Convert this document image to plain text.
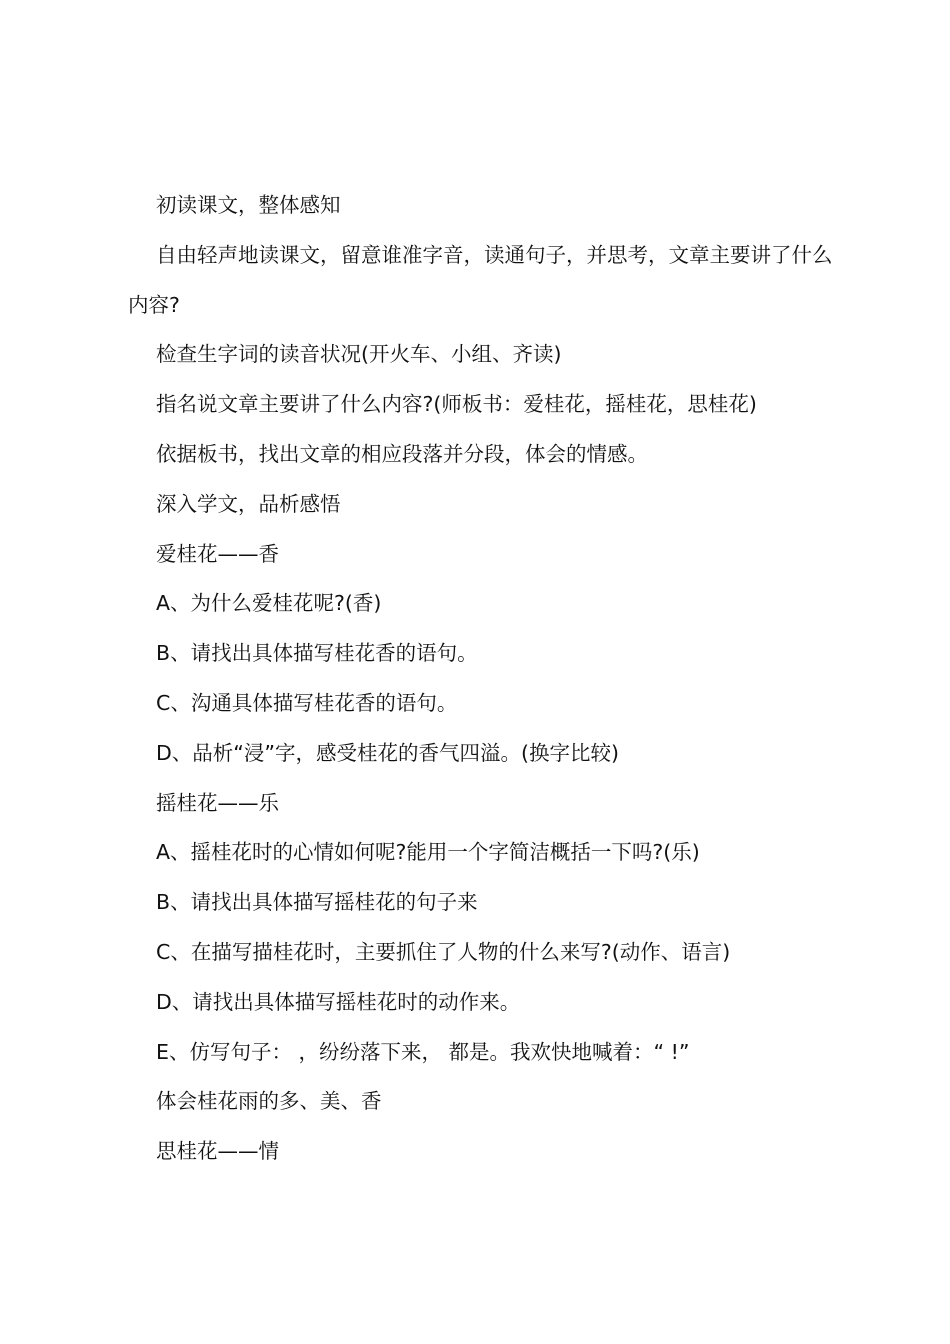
初读课文，整体感知

自由轻声地读课文，留意谁准字音，读通句子，并思考，文章主要讲了什么内容?

检查生字词的读音状况(开火车、小组、齐读)

指名说文章主要讲了什么内容?(师板书：爱桂花，摇桂花，思桂花)

依据板书，找出文章的相应段落并分段，体会的情感。

深入学文，品析感悟

爱桂花——香

A、为什么爱桂花呢?(香)

B、请找出具体描写桂花香的语句。

C、沟通具体描写桂花香的语句。

D、品析“浸”字，感受桂花的香气四溢。(换字比较)

摇桂花——乐

A、摇桂花时的心情如何呢?能用一个字简洁概括一下吗?(乐)

B、请找出具体描写摇桂花的句子来

C、在描写描桂花时，主要抓住了人物的什么来写?(动作、语言)

D、请找出具体描写摇桂花时的动作来。

E、仿写句子： ，纷纷落下来， 都是。我欢快地喊着：“ !”

体会桂花雨的多、美、香

思桂花——情
